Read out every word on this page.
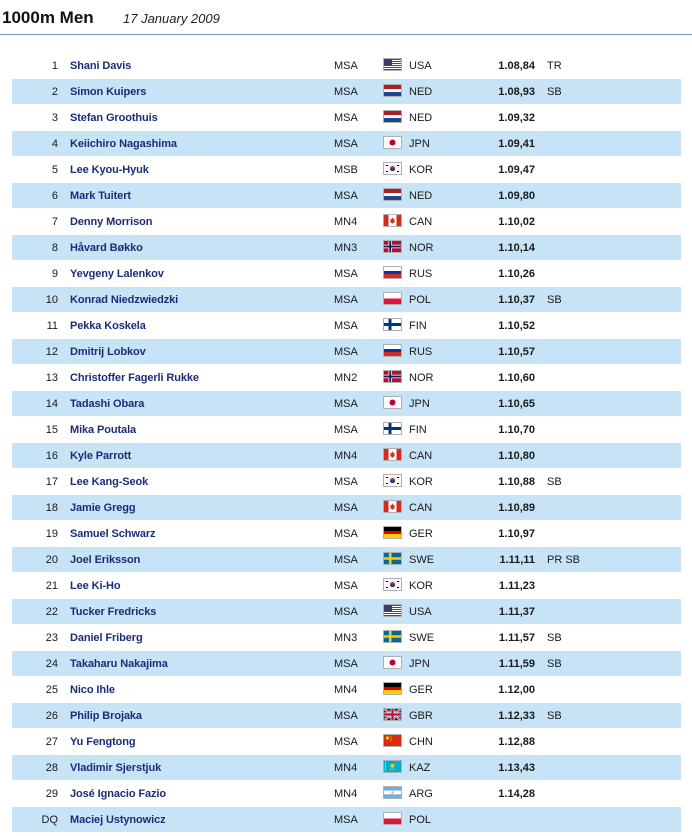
1000m Men 17 January 2009
1 Shani Davis	MSA	USA	1.08,84 TR
2 Simon Kuipers	MSA	NED	1.08,93 SB
3 Stefan Groothuis	MSA	NED	1.09,32
4 Keiichiro Nagashima	MSA	JPN	1.09,41
5 Lee Kyou-Hyuk	MSB	KOR	1.09,47
6 Mark Tuitert	MSA	NED	1.09,80
7 Denny Morrison	MN4	CAN	1.10,02
8 Håvard Bøkko	MN3	NOR	1.10,14
9 Yevgeny Lalenkov	MSA	RUS	1.10,26
10 Konrad Niedzwiedzki	MSA	POL	1.10,37 SB
11 Pekka Koskela	MSA	FIN	1.10,52
12 Dmitrij Lobkov	MSA	RUS	1.10,57
13 Christoffer Fagerli Rukke	MN2	NOR	1.10,60
14 Tadashi Obara	MSA	JPN	1.10,65
15 Mika Poutala	MSA	FIN	1.10,70
16 Kyle Parrott	MN4	CAN	1.10,80
17 Lee Kang-Seok	MSA	KOR	1.10,88 SB
18 Jamie Gregg	MSA	CAN	1.10,89
19 Samuel Schwarz	MSA	GER	1.10,97
20 Joel Eriksson	MSA	SWE	1.11,11 PR SB
21 Lee Ki-Ho	MSA	KOR	1.11,23
22 Tucker Fredricks	MSA	USA	1.11,37
23 Daniel Friberg	MN3	SWE	1.11,57 SB
24 Takaharu Nakajima	MSA	JPN	1.11,59 SB
25 Nico Ihle	MN4	GER	1.12,00
26 Philip Brojaka	MSA	GBR	1.12,33 SB
27 Yu Fengtong	MSA	CHN	1.12,88
28 Vladimir Sjerstjuk	MN4	KAZ	1.13,43
29 José Ignacio Fazio	MN4	ARG	1.14,28
DQ Maciej Ustynowicz	MSA	POL
